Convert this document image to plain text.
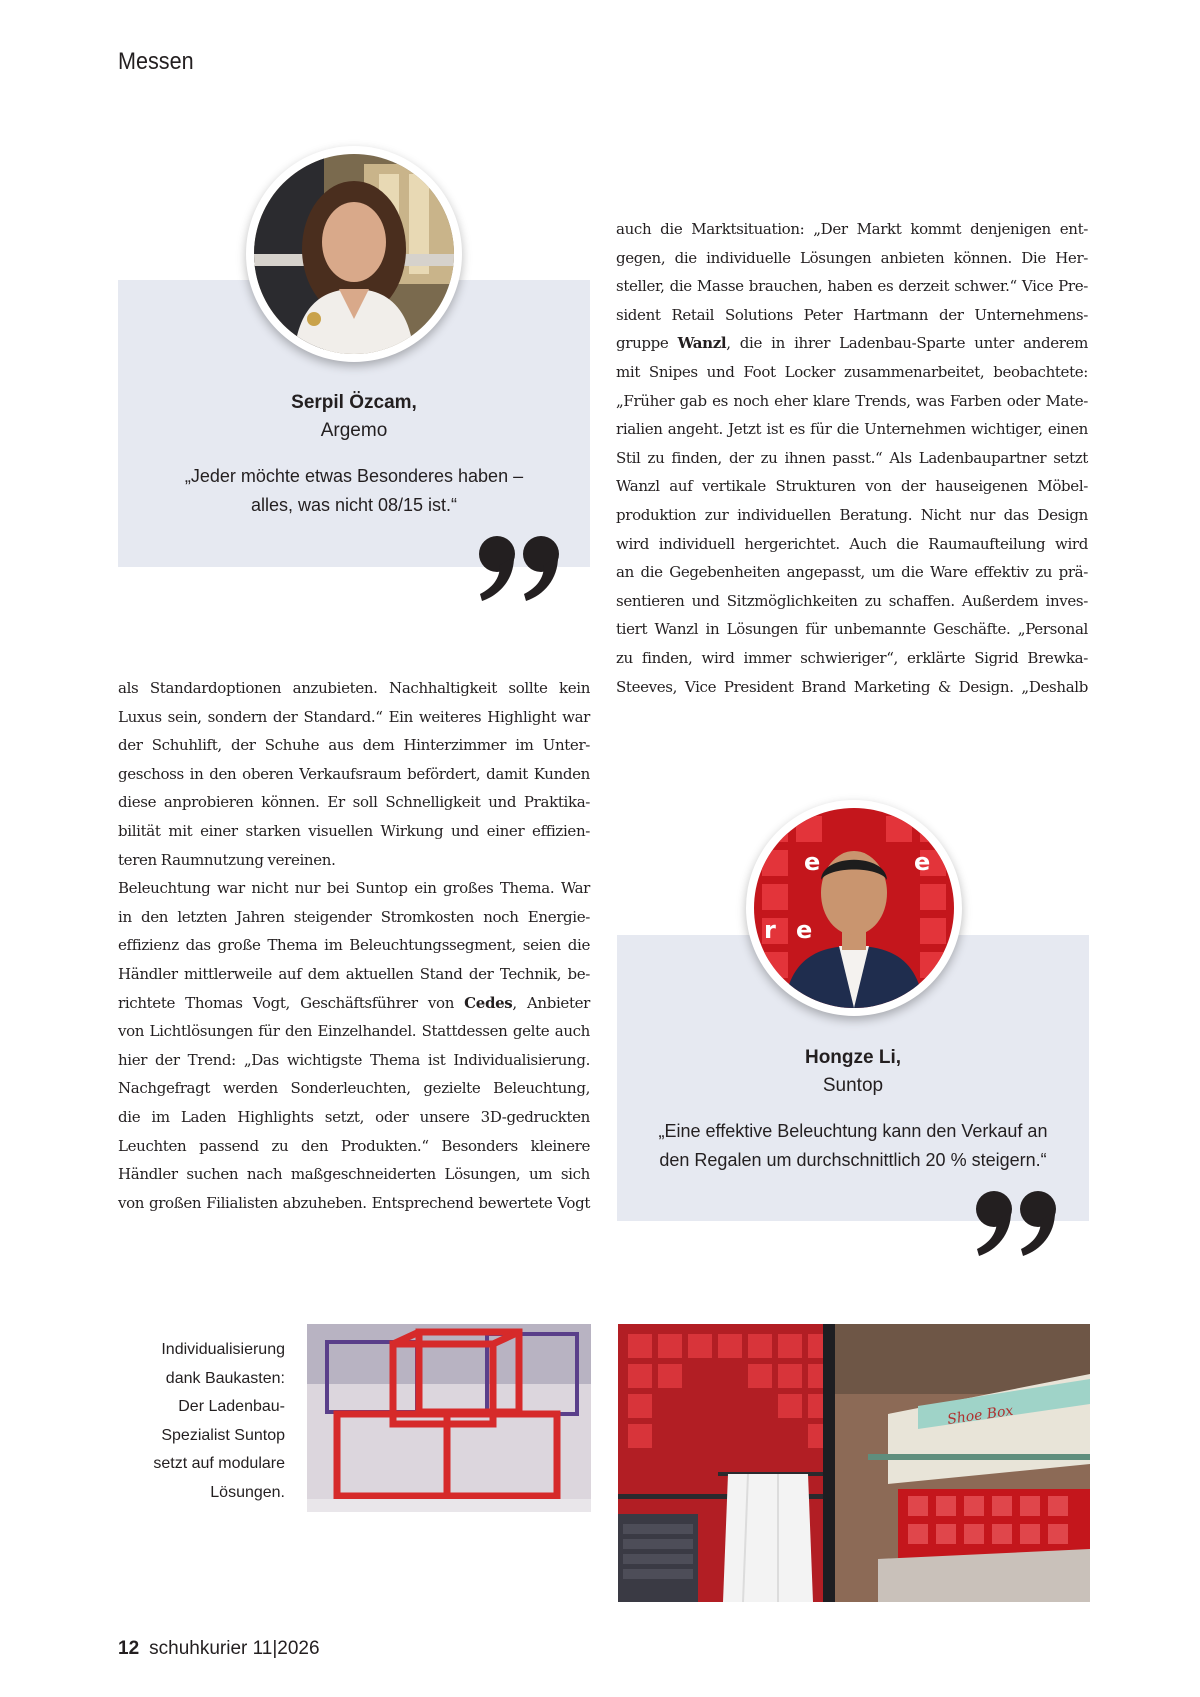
Messen
Serpil Özcam,
Argemo
„Jeder möchte etwas Besonderes haben –
alles, was nicht 08/15 ist.“
Hongze Li,
Suntop
„Eine effektive Beleuchtung kann den Verkauf an
den Regalen um durchschnittlich 20 % steigern.“
e	e
r e
auch die Marktsituation: „Der Markt kommt denjenigen ent-
gegen, die individuelle Lösungen anbieten können. Die Her-
steller, die Masse brauchen, haben es derzeit schwer.“ Vice Pre-
sident Retail Solutions Peter Hartmann der Unternehmens-
gruppe Wanzl, die in ihrer Ladenbau-Sparte unter anderem
mit Snipes und Foot Locker zusammenarbeitet, beobachtete:
„Früher gab es noch eher klare Trends, was Farben oder Mate-
rialien angeht. Jetzt ist es für die Unternehmen wichtiger, einen
Stil zu finden, der zu ihnen passt.“ Als Ladenbaupartner setzt
Wanzl auf vertikale Strukturen von der hauseigenen Möbel-
produktion zur individuellen Beratung. Nicht nur das Design
wird individuell hergerichtet. Auch die Raumaufteilung wird
an die Gegebenheiten angepasst, um die Ware effektiv zu prä-
sentieren und Sitzmöglichkeiten zu schaffen. Außerdem inves-
tiert Wanzl in Lösungen für unbemannte Geschäfte. „Personal
zu finden, wird immer schwieriger“, erklärte Sigrid Brewka-
Steeves, Vice President Brand Marketing & Design. „Deshalb
als Standardoptionen anzubieten. Nachhaltigkeit sollte kein
Luxus sein, sondern der Standard.“ Ein weiteres Highlight war
der Schuhlift, der Schuhe aus dem Hinterzimmer im Unter-
geschoss in den oberen Verkaufsraum befördert, damit Kunden
diese anprobieren können. Er soll Schnelligkeit und Praktika-
bilität mit einer starken visuellen Wirkung und einer effizien-
teren Raumnutzung vereinen.
Beleuchtung war nicht nur bei Suntop ein großes Thema. War
in den letzten Jahren steigender Stromkosten noch Energie-
effizienz das große Thema im Beleuchtungssegment, seien die
Händler mittlerweile auf dem aktuellen Stand der Technik, be-
richtete Thomas Vogt, Geschäftsführer von Cedes, Anbieter
von Lichtlösungen für den Einzelhandel. Stattdessen gelte auch
hier der Trend: „Das wichtigste Thema ist Individualisierung.
Nachgefragt werden Sonderleuchten, gezielte Beleuchtung,
die im Laden Highlights setzt, oder unsere 3D-gedruckten
Leuchten passend zu den Produkten.“ Besonders kleinere
Händler suchen nach maßgeschneiderten Lösungen, um sich
von großen Filialisten abzuheben. Entsprechend bewertete Vogt
Individualisierung
dank Baukasten:
Der Ladenbau-
Spezialist Suntop
setzt auf modulare
Lösungen.
Shoe Box
12 schuhkurier 11|2026
